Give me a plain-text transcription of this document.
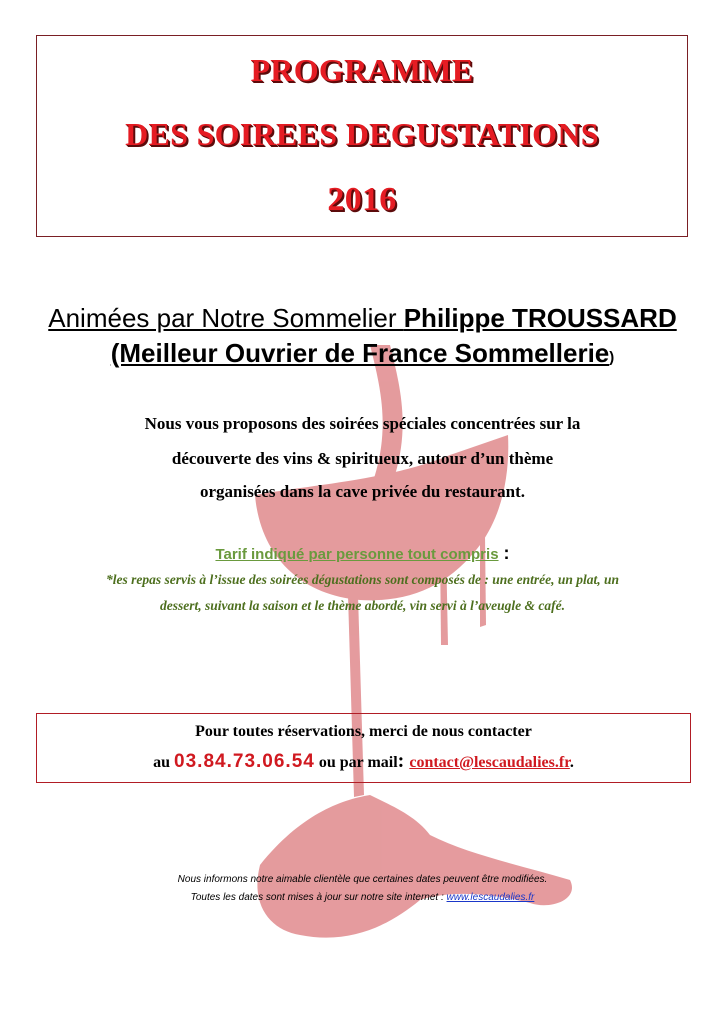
PROGRAMME
DES SOIREES DEGUSTATIONS
2016
Animées par Notre Sommelier Philippe TROUSSARD
(Meilleur Ouvrier de France Sommellerie)
Nous vous proposons des soirées spéciales concentrées sur la
découverte des vins & spiritueux, autour d’un thème
organisées dans la cave privée du restaurant.
Tarif indiqué par personne tout compris :
*les repas servis à l’issue des soirées dégustations sont composés de : une entrée, un plat, un
dessert, suivant la saison et le thème abordé, vin servi à l’aveugle & café.
Pour toutes réservations, merci de nous contacter
au 03.84.73.06.54 ou par mail: contact@lescaudalies.fr.
Nous informons notre aimable clientèle que certaines dates peuvent être modifiées.
Toutes les dates sont mises à jour sur notre site internet : www.lescaudalies.fr
